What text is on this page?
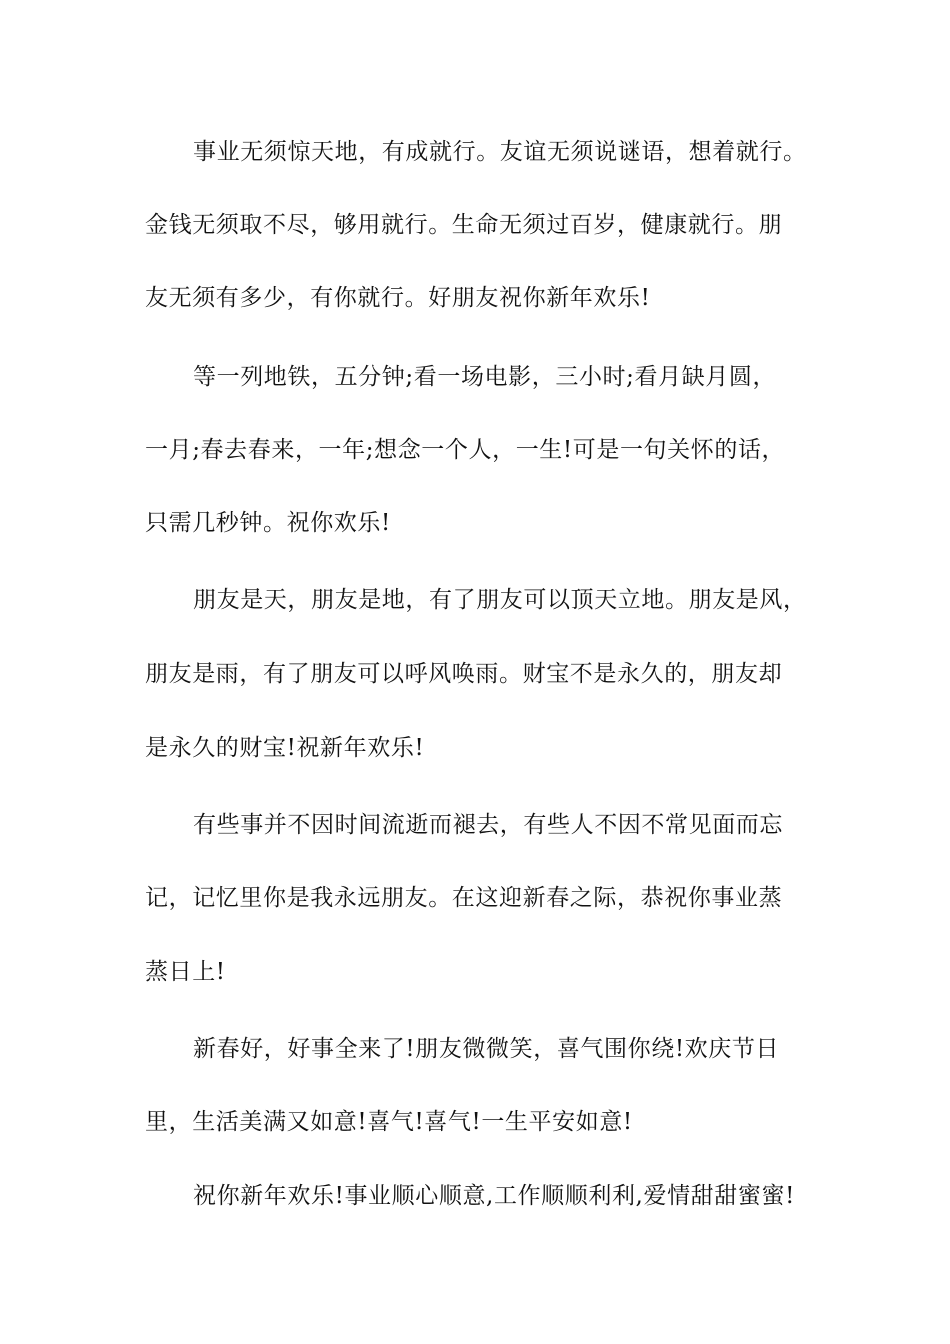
事业无须惊天地，有成就行。友谊无须说谜语，想着就行。

金钱无须取不尽，够用就行。生命无须过百岁，健康就行。朋

友无须有多少，有你就行。好朋友祝你新年欢乐!

等一列地铁，五分钟;看一场电影，三小时;看月缺月圆，

一月;春去春来，一年;想念一个人，一生!可是一句关怀的话，

只需几秒钟。祝你欢乐!

朋友是天，朋友是地，有了朋友可以顶天立地。朋友是风，

朋友是雨，有了朋友可以呼风唤雨。财宝不是永久的，朋友却

是永久的财宝!祝新年欢乐!

有些事并不因时间流逝而褪去，有些人不因不常见面而忘

记，记忆里你是我永远朋友。在这迎新春之际，恭祝你事业蒸

蒸日上!

新春好，好事全来了!朋友微微笑，喜气围你绕!欢庆节日

里，生活美满又如意!喜气!喜气!一生平安如意!

祝你新年欢乐!事业顺心顺意,工作顺顺利利,爱情甜甜蜜蜜!
